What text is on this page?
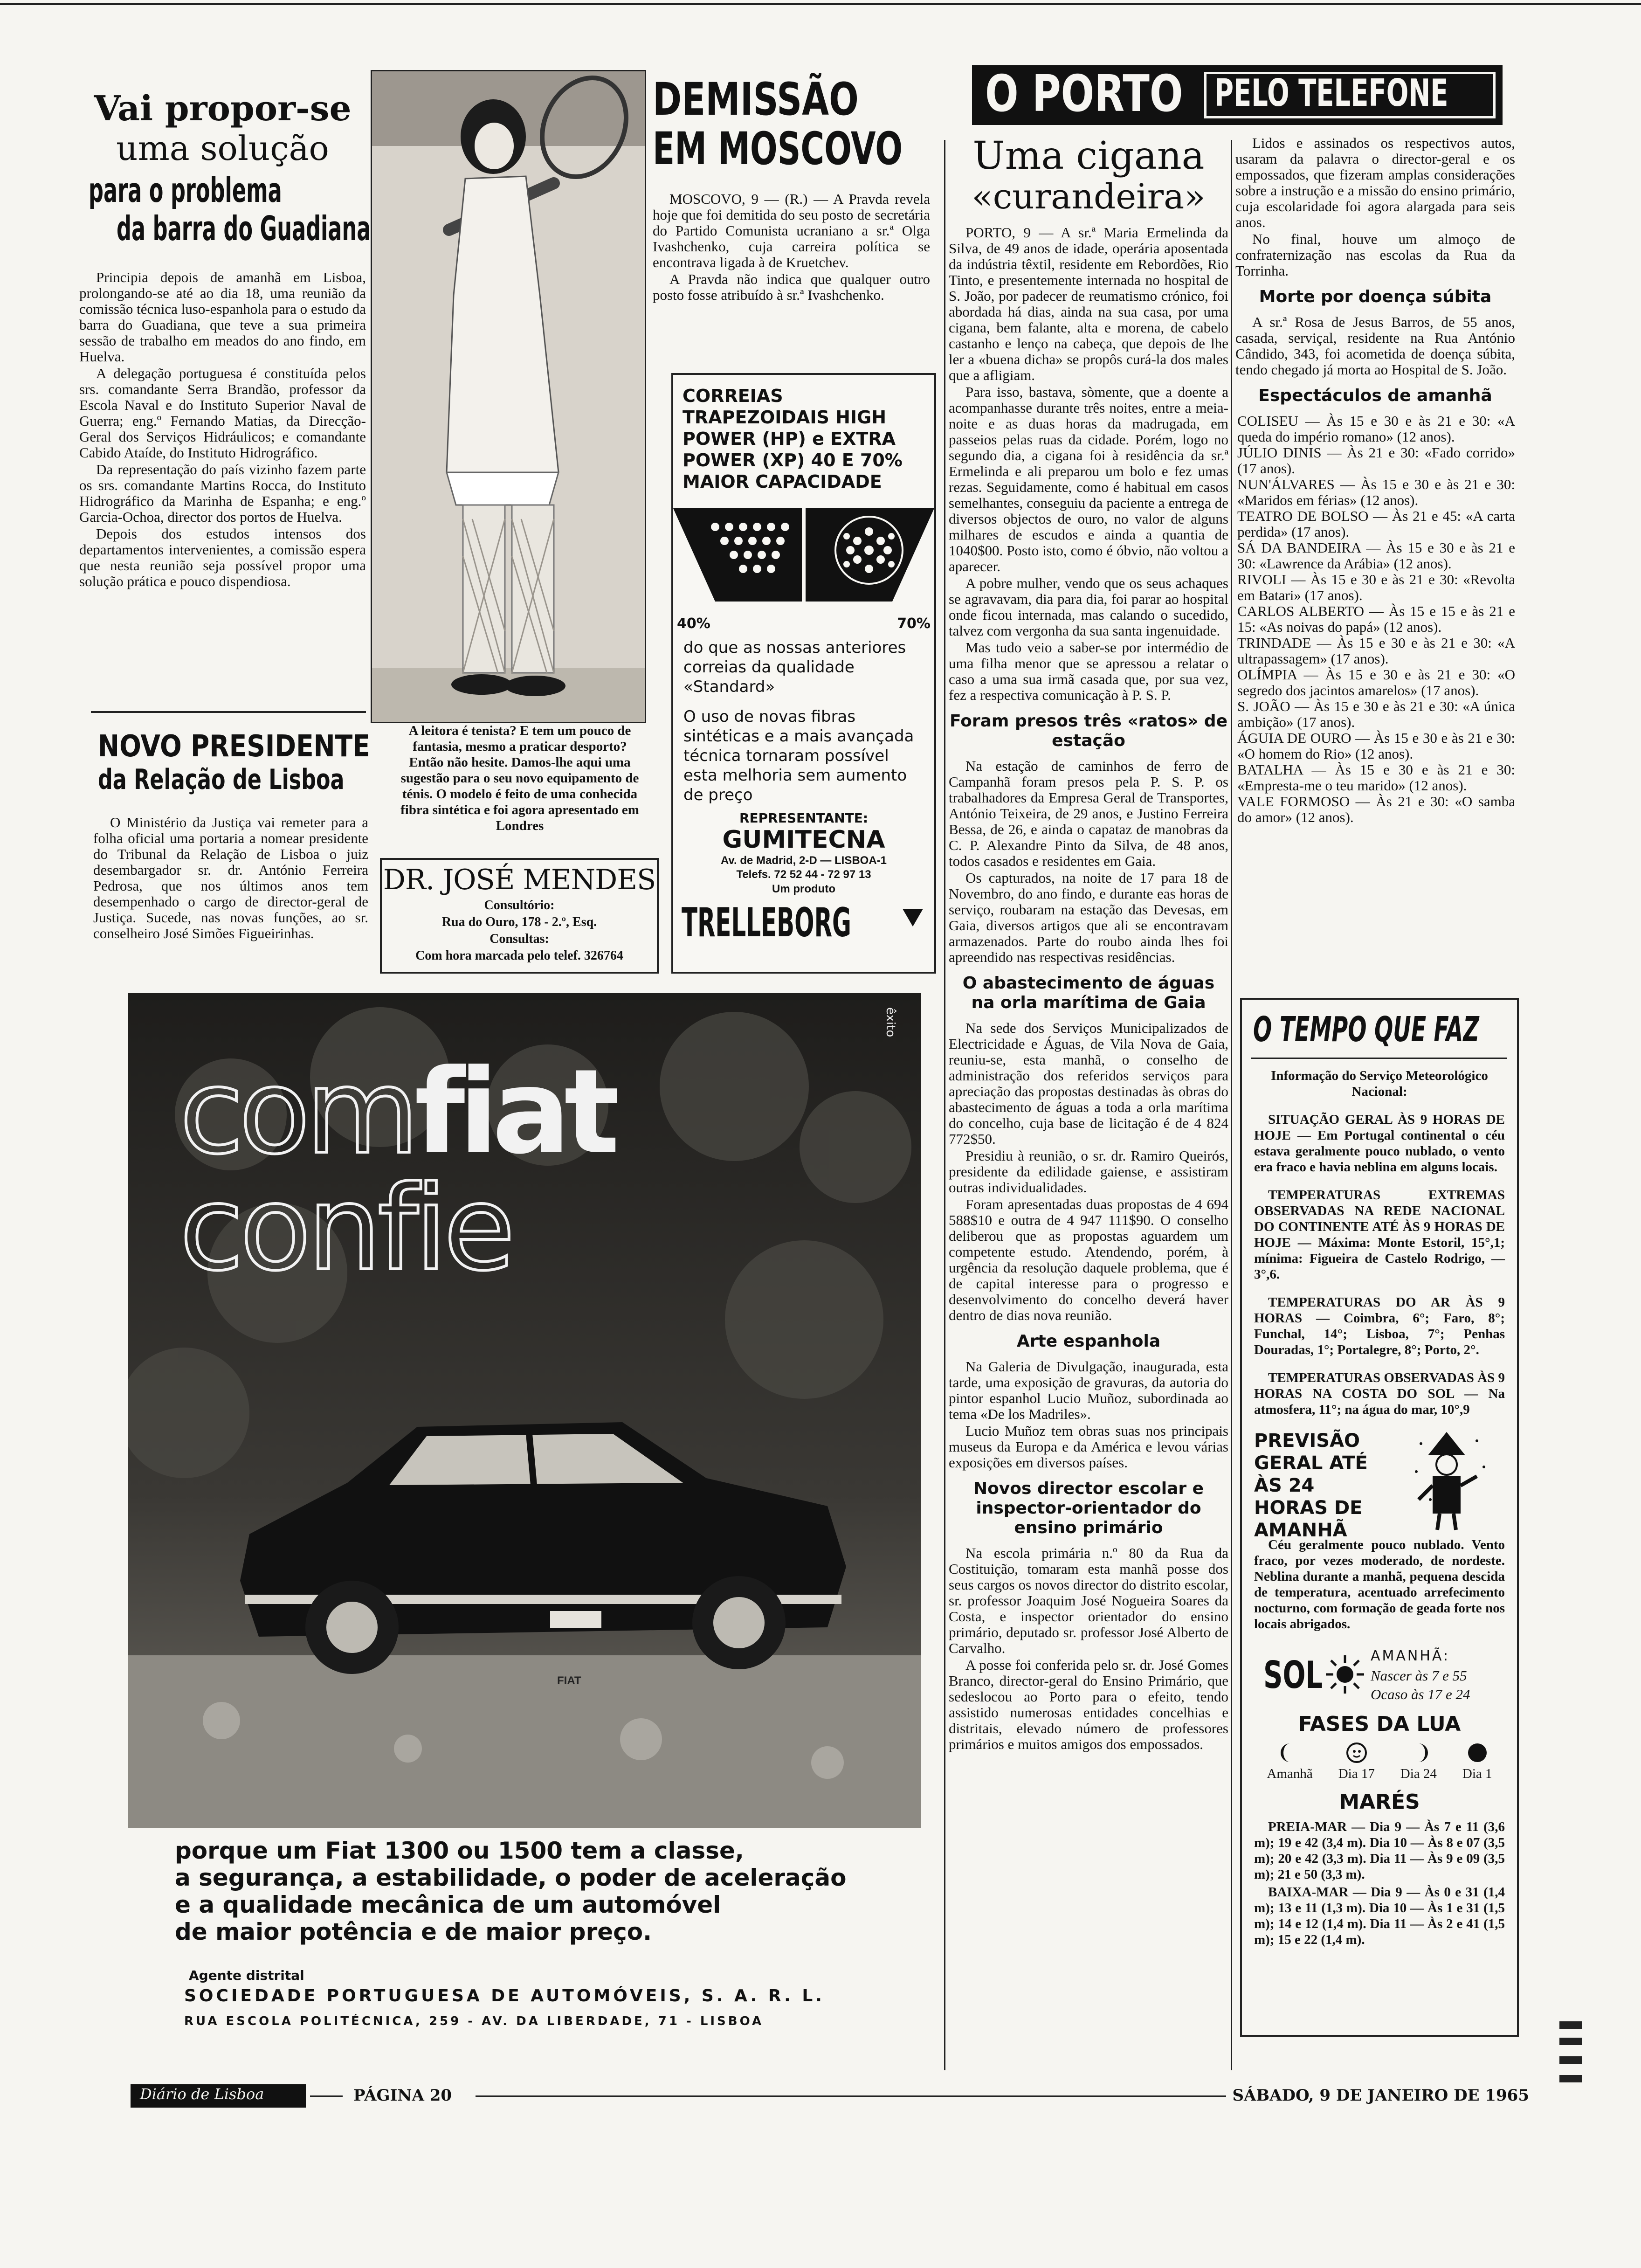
Vai propor-se
uma solução
para o problema
da barra do Guadiana

Principia depois de amanhã em Lisboa, prolongando-se até ao dia 18, uma reunião da comissão técnica luso-espanhola para o estudo da barra do Guadiana, que teve a sua primeira sessão de trabalho em meados do ano findo, em Huelva.

A delegação portuguesa é constituída pelos srs. comandante Serra Brandão, professor da Escola Naval e do Instituto Superior Naval de Guerra; eng.º Fernando Matias, da Direcção-Geral dos Serviços Hidráulicos; e comandante Cabido Ataíde, do Instituto Hidrográfico.

Da representação do país vizinho fazem parte os srs. comandante Martins Rocca, do Instituto Hidrográfico da Marinha de Espanha; e eng.º Garcia-Ochoa, director dos portos de Huelva.

Depois dos estudos intensos dos departamentos intervenientes, a comissão espera que nesta reunião seja possível propor uma solução prática e pouco dispendiosa.

NOVO PRESIDENTE
da Relação de Lisboa

O Ministério da Justiça vai remeter para a folha oficial uma portaria a nomear presidente do Tribunal da Relação de Lisboa o juiz desembargador sr. dr. António Ferreira Pedrosa, que nos últimos anos tem desempenhado o cargo de director-geral de Justiça. Sucede, nas novas funções, ao sr. conselheiro José Simões Figueirinhas.

A leitora é tenista? E tem um pouco de fantasia, mesmo a praticar desporto? Então não hesite. Damos-lhe aqui uma sugestão para o seu novo equipamento de ténis. O modelo é feito de uma conhecida fibra sintética e foi agora apresentado em Londres
DR. JOSÉ MENDES
Consultório:
Rua do Ouro, 178 - 2.º, Esq.
Consultas:
Com hora marcada pelo telef. 326764
DEMISSÃO
EM MOSCOVO

MOSCOVO, 9 — (R.) — A Pravda revela hoje que foi demitida do seu posto de secretária do Partido Comunista ucraniano a sr.ª Olga Ivashchenko, cuja carreira política se encontrava ligada à de Kruetchev.

A Pravda não indica que qualquer outro posto fosse atribuído à sr.ª Ivashchenko.

CORREIAS TRAPEZOIDAIS HIGH POWER (HP) e EXTRA POWER (XP) 40 E 70% MAIOR CAPACIDADE
40%	70%
do que as nossas anteriores correias da qualidade «Standard»
O uso de novas fibras sintéticas e a mais avançada técnica tornaram possível esta melhoria sem aumento de preço
REPRESENTANTE:
GUMITECNA
Av. de Madrid, 2-D — LISBOA-1
Telefs. 72 52 44 - 72 97 13
Um produto
TRELLEBORG
O PORTO PELO TELEFONE
Uma cigana
«curandeira»

PORTO, 9 — A sr.ª Maria Ermelinda da Silva, de 49 anos de idade, operária aposentada da indústria têxtil, residente em Rebordões, Rio Tinto, e presentemente internada no hospital de S. João, por padecer de reumatismo crónico, foi abordada há dias, ainda na sua casa, por uma cigana, bem falante, alta e morena, de cabelo castanho e lenço na cabeça, que depois de lhe ler a «buena dicha» se propôs curá-la dos males que a afligiam.

Para isso, bastava, sòmente, que a doente a acompanhasse durante três noites, entre a meia-noite e as duas horas da madrugada, em passeios pelas ruas da cidade. Porém, logo no segundo dia, a cigana foi à residência da sr.ª Ermelinda e ali preparou um bolo e fez umas rezas. Seguidamente, como é habitual em casos semelhantes, conseguiu da paciente a entrega de diversos objectos de ouro, no valor de alguns milhares de escudos e ainda a quantia de 1040$00. Posto isto, como é óbvio, não voltou a aparecer.

A pobre mulher, vendo que os seus achaques se agravavam, dia para dia, foi parar ao hospital onde ficou internada, mas calando o sucedido, talvez com vergonha da sua santa ingenuidade.

Mas tudo veio a saber-se por intermédio de uma filha menor que se apressou a relatar o caso a uma sua irmã casada que, por sua vez, fez a respectiva comunicação à P. S. P.

Foram presos três «ratos» de estação

Na estação de caminhos de ferro de Campanhã foram presos pela P. S. P. os trabalhadores da Empresa Geral de Transportes, António Teixeira, de 29 anos, e Justino Ferreira Bessa, de 26, e ainda o capataz de manobras da C. P. Alexandre Pinto da Silva, de 48 anos, todos casados e residentes em Gaia.

Os capturados, na noite de 17 para 18 de Novembro, do ano findo, e durante eas horas de serviço, roubaram na estação das Devesas, em Gaia, diversos artigos que ali se encontravam armazenados. Parte do roubo ainda lhes foi apreendido nas respectivas residências.

O abastecimento de águas na orla marítima de Gaia

Na sede dos Serviços Municipalizados de Electricidade e Águas, de Vila Nova de Gaia, reuniu-se, esta manhã, o conselho de administração dos referidos serviços para apreciação das propostas destinadas às obras do abastecimento de águas a toda a orla marítima do concelho, cuja base de licitação é de 4 824 772$50.

Presidiu à reunião, o sr. dr. Ramiro Queirós, presidente da edilidade gaiense, e assistiram outras individualidades.

Foram apresentadas duas propostas de 4 694 588$10 e outra de 4 947 111$90. O conselho deliberou que as propostas aguardem um competente estudo. Atendendo, porém, à urgência da resolução daquele problema, que é de capital interesse para o progresso e desenvolvimento do concelho deverá haver dentro de dias nova reunião.

Arte espanhola

Na Galeria de Divulgação, inaugurada, esta tarde, uma exposição de gravuras, da autoria do pintor espanhol Lucio Muñoz, subordinada ao tema «De los Madriles».

Lucio Muñoz tem obras suas nos principais museus da Europa e da América e levou várias exposições em diversos países.

Novos director escolar e inspector-orientador do ensino primário

Na escola primária n.º 80 da Rua da Costituição, tomaram esta manhã posse dos seus cargos os novos director do distrito escolar, sr. professor Joaquim José Nogueira Soares da Costa, e inspector orientador do ensino primário, deputado sr. professor José Alberto de Carvalho.

A posse foi conferida pelo sr. dr. José Gomes Branco, director-geral do Ensino Primário, que sedeslocou ao Porto para o efeito, tendo assistido numerosas entidades concelhias e distritais, elevado número de professores primários e muitos amigos dos empossados.

Lidos e assinados os respectivos autos, usaram da palavra o director-geral e os empossados, que fizeram amplas considerações sobre a instrução e a missão do ensino primário, cuja escolaridade foi agora alargada para seis anos.

No final, houve um almoço de confraternização nas escolas da Rua da Torrinha.

Morte por doença súbita

A sr.ª Rosa de Jesus Barros, de 55 anos, casada, serviçal, residente na Rua António Cândido, 343, foi acometida de doença súbita, tendo chegado já morta ao Hospital de S. João.

Espectáculos de amanhã

COLISEU — Às 15 e 30 e às 21 e 30: «A queda do império romano» (12 anos).

JÚLIO DINIS — Às 21 e 30: «Fado corrido» (17 anos).

NUN'ÁLVARES — Às 15 e 30 e às 21 e 30: «Maridos em férias» (12 anos).

TEATRO DE BOLSO — Às 21 e 45: «A carta perdida» (17 anos).

SÁ DA BANDEIRA — Às 15 e 30 e às 21 e 30: «Lawrence da Arábia» (12 anos).

RIVOLI — Às 15 e 30 e às 21 e 30: «Revolta em Batari» (17 anos).

CARLOS ALBERTO — Às 15 e 15 e às 21 e 15: «As noivas do papá» (12 anos).

TRINDADE — Às 15 e 30 e às 21 e 30: «A ultrapassagem» (17 anos).

OLÍMPIA — Às 15 e 30 e às 21 e 30: «O segredo dos jacintos amarelos» (17 anos).

S. JOÃO — Às 15 e 30 e às 21 e 30: «A única ambição» (17 anos).

ÁGUIA DE OURO — Às 15 e 30 e às 21 e 30: «O homem do Rio» (12 anos).

BATALHA — Às 15 e 30 e às 21 e 30: «Empresta-me o teu marido» (12 anos).

VALE FORMOSO — Às 21 e 30: «O samba do amor» (12 anos).

O TEMPO QUE FAZ

Informação do Serviço Meteorológico Nacional:

SITUAÇÃO GERAL ÀS 9 HORAS DE HOJE — Em Portugal continental o céu estava geralmente pouco nublado, o vento era fraco e havia neblina em alguns locais.

TEMPERATURAS EXTREMAS OBSERVADAS NA REDE NACIONAL DO CONTINENTE ATÉ ÀS 9 HORAS DE HOJE — Máxima: Monte Estoril, 15°,1; mínima: Figueira de Castelo Rodrigo, —3°,6.

TEMPERATURAS DO AR ÀS 9 HORAS — Coimbra, 6°; Faro, 8°; Funchal, 14°; Lisboa, 7°; Penhas Douradas, 1°; Portalegre, 8°; Porto, 2°.

TEMPERATURAS OBSERVADAS ÀS 9 HORAS NA COSTA DO SOL — Na atmosfera, 11°; na água do mar, 10°,9

PREVISÃO GERAL ATÉ ÀS 24 HORAS DE AMANHÃ

Céu geralmente pouco nublado. Vento fraco, por vezes moderado, de nordeste. Neblina durante a manhã, pequena descida de temperatura, acentuado arrefecimento nocturno, com formação de geada forte nos locais abrigados.

SOL	AMANHÃ:
Nascer às 7 e 55
Ocaso às 17 e 24
FASES DA LUA
Amanhã Dia 17 Dia 24 Dia 1
MARÉS

PREIA-MAR — Dia 9 — Às 7 e 11 (3,6 m); 19 e 42 (3,4 m). Dia 10 — Às 8 e 07 (3,5 m); 20 e 42 (3,3 m). Dia 11 — Às 9 e 09 (3,5 m); 21 e 50 (3,3 m).

BAIXA-MAR — Dia 9 — Às 0 e 31 (1,4 m); 13 e 11 (1,3 m). Dia 10 — Às 1 e 31 (1,5 m); 14 e 12 (1,4 m). Dia 11 — Às 2 e 41 (1,5 m); 15 e 22 (1,4 m).

êxito
comfiat
confie
FIAT
porque um Fiat 1300 ou 1500 tem a classe,
a segurança, a estabilidade, o poder de aceleração
e a qualidade mecânica de um automóvel
de maior potência e de maior preço.
Agente distrital
SOCIEDADE PORTUGUESA DE AUTOMÓVEIS, S. A. R. L.
RUA ESCOLA POLITÉCNICA, 259 - AV. DA LIBERDADE, 71 - LISBOA
Diário de Lisboa	PÁGINA 20	SÁBADO, 9 DE JANEIRO DE 1965
